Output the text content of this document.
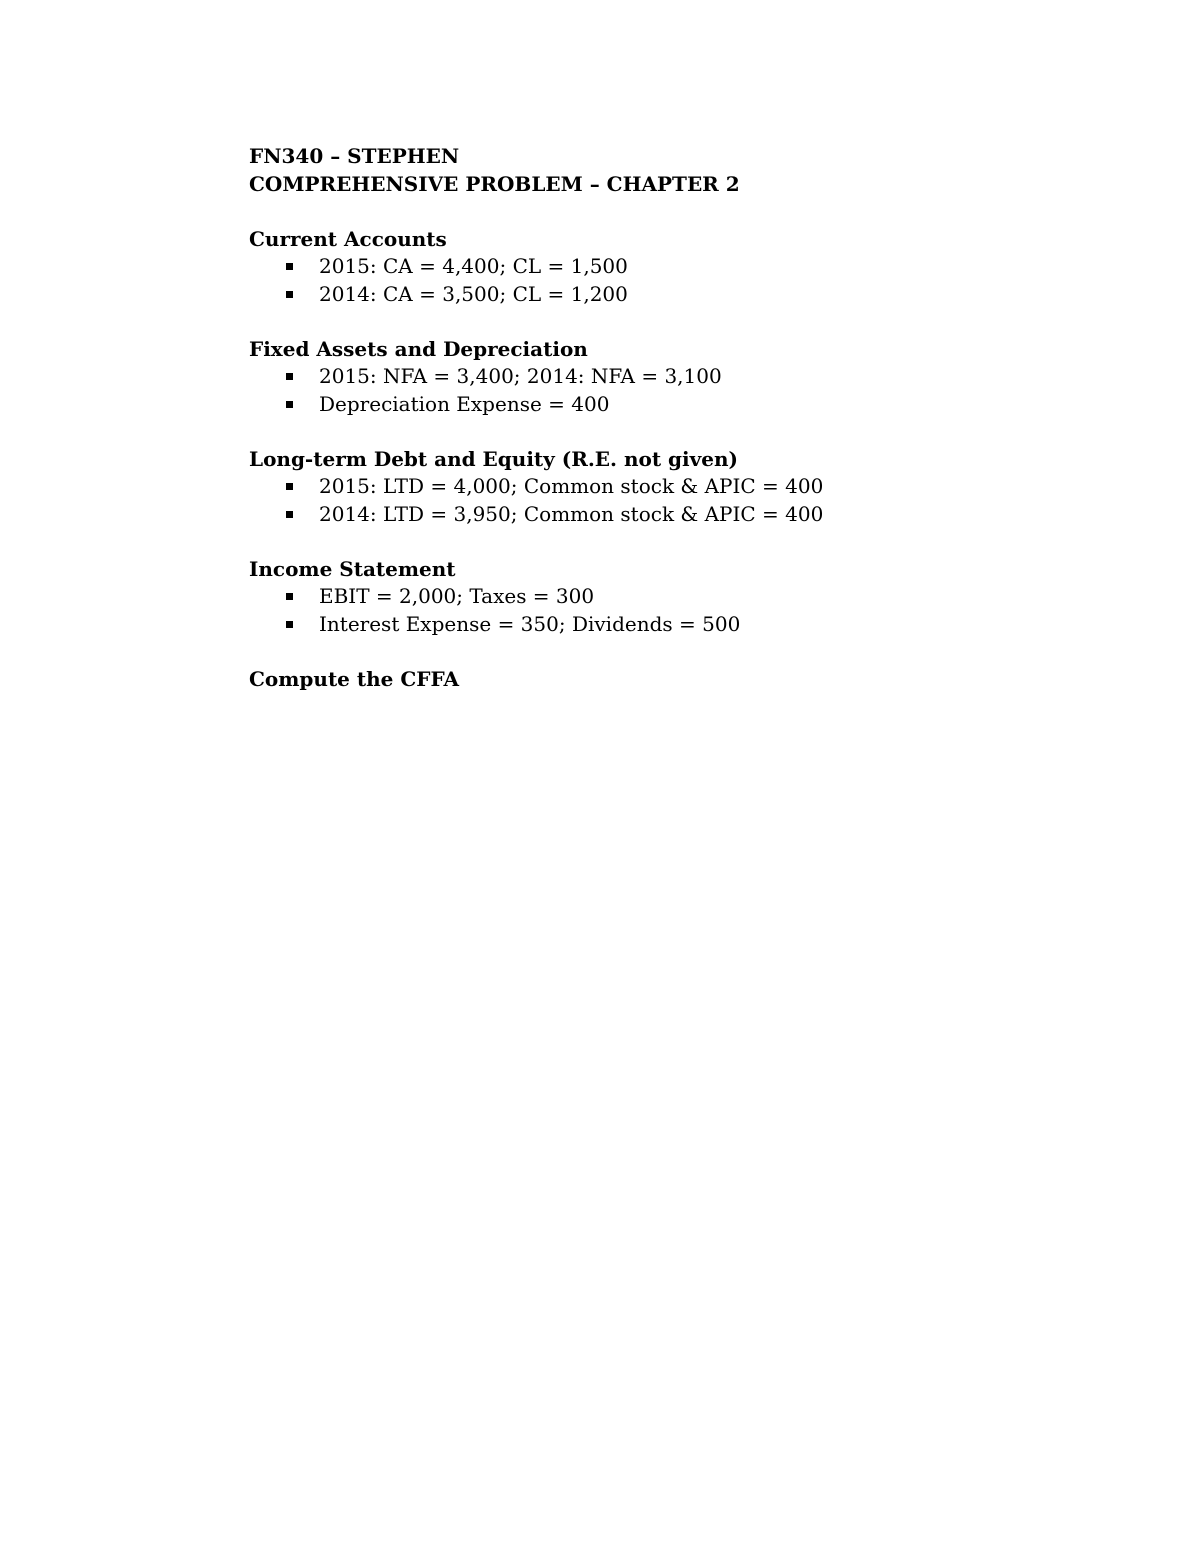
FN340 – STEPHEN

COMPREHENSIVE PROBLEM – CHAPTER 2

Current Accounts

2015: CA = 4,400; CL = 1,500
2014: CA = 3,500; CL = 1,200

Fixed Assets and Depreciation

2015: NFA = 3,400; 2014: NFA = 3,100
Depreciation Expense = 400

Long-term Debt and Equity (R.E. not given)

2015: LTD = 4,000; Common stock & APIC = 400
2014: LTD = 3,950; Common stock & APIC = 400

Income Statement

EBIT = 2,000; Taxes = 300
Interest Expense = 350; Dividends = 500

Compute the CFFA
